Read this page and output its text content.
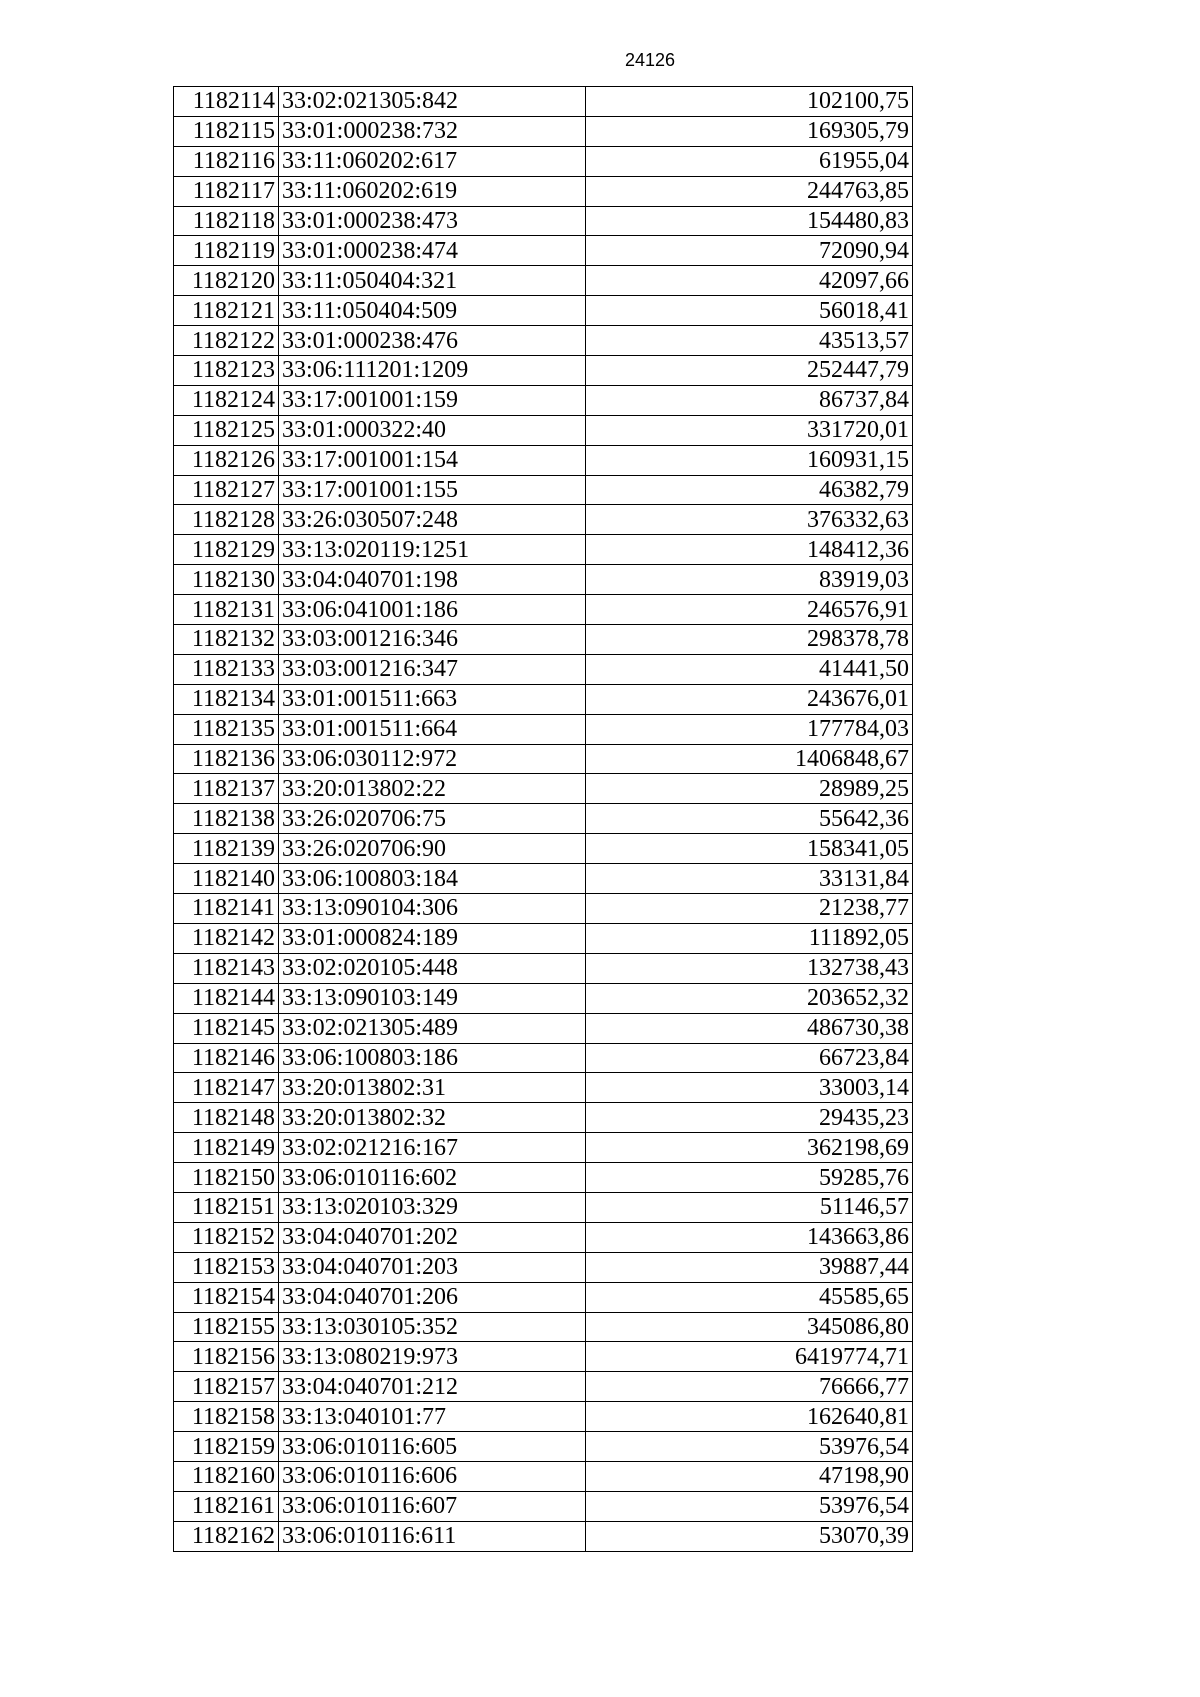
24126
1182114	33:02:021305:842	102100,75
1182115	33:01:000238:732	169305,79
1182116	33:11:060202:617	61955,04
1182117	33:11:060202:619	244763,85
1182118	33:01:000238:473	154480,83
1182119	33:01:000238:474	72090,94
1182120	33:11:050404:321	42097,66
1182121	33:11:050404:509	56018,41
1182122	33:01:000238:476	43513,57
1182123	33:06:111201:1209	252447,79
1182124	33:17:001001:159	86737,84
1182125	33:01:000322:40	331720,01
1182126	33:17:001001:154	160931,15
1182127	33:17:001001:155	46382,79
1182128	33:26:030507:248	376332,63
1182129	33:13:020119:1251	148412,36
1182130	33:04:040701:198	83919,03
1182131	33:06:041001:186	246576,91
1182132	33:03:001216:346	298378,78
1182133	33:03:001216:347	41441,50
1182134	33:01:001511:663	243676,01
1182135	33:01:001511:664	177784,03
1182136	33:06:030112:972	1406848,67
1182137	33:20:013802:22	28989,25
1182138	33:26:020706:75	55642,36
1182139	33:26:020706:90	158341,05
1182140	33:06:100803:184	33131,84
1182141	33:13:090104:306	21238,77
1182142	33:01:000824:189	111892,05
1182143	33:02:020105:448	132738,43
1182144	33:13:090103:149	203652,32
1182145	33:02:021305:489	486730,38
1182146	33:06:100803:186	66723,84
1182147	33:20:013802:31	33003,14
1182148	33:20:013802:32	29435,23
1182149	33:02:021216:167	362198,69
1182150	33:06:010116:602	59285,76
1182151	33:13:020103:329	51146,57
1182152	33:04:040701:202	143663,86
1182153	33:04:040701:203	39887,44
1182154	33:04:040701:206	45585,65
1182155	33:13:030105:352	345086,80
1182156	33:13:080219:973	6419774,71
1182157	33:04:040701:212	76666,77
1182158	33:13:040101:77	162640,81
1182159	33:06:010116:605	53976,54
1182160	33:06:010116:606	47198,90
1182161	33:06:010116:607	53976,54
1182162	33:06:010116:611	53070,39
